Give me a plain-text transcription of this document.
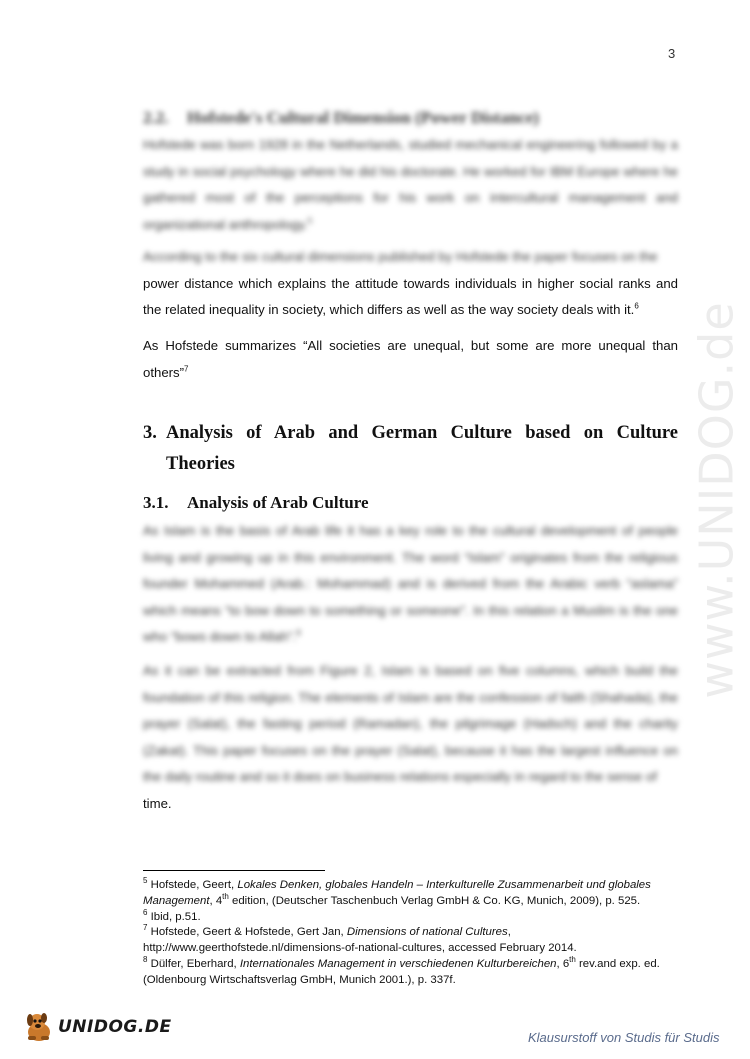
3
www.UNIDOG.de
2.2. Hofstede's Cultural Dimension (Power Distance)

Hofstede was born 1928 in the Netherlands, studied mechanical engineering followed by a study in social psychology where he did his doctorate. He worked for IBM Europe where he gathered most of the perceptions for his work on intercultural management and organizational anthropology.$^5$

According to the six cultural dimensions published by Hofstede the paper focuses on the
power distance which explains the attitude towards individuals in higher social ranks and the related inequality in society, which differs as well as the way society deals with it.$^6$

As Hofstede summarizes “All societies are unequal, but some are more unequal than others”$^7$

3. Analysis of Arab and German Culture based on Culture Theories
3.1. Analysis of Arab Culture

As Islam is the basis of Arab life it has a key role to the cultural development of people living and growing up in this environment. The word “Islam” originates from the religious founder Mohammed (Arab.: Mohammad) and is derived from the Arabic verb “aslama” which means “to bow down to something or someone”. In this relation a Muslim is the one who “bows down to Allah”.$^8$

As it can be extracted from Figure 2, Islam is based on five columns, which build the foundation of this religion. The elements of Islam are the confession of faith (Shahada), the prayer (Salat), the fasting period (Ramadan), the pilgrimage (Hadsch) and the charity (Zakat). This paper focuses on the prayer (Salat), because it has the largest influence on the daily routine and so it does on business relations especially in regard to the sense of
time.

$^5$ Hofstede, Geert, Lokales Denken, globales Handeln – Interkulturelle Zusammenarbeit und globales Management, 4th edition, (Deutscher Taschenbuch Verlag GmbH & Co. KG, Munich, 2009), p. 525.
$^6$ Ibid, p.51.
$^7$ Hofstede, Geert & Hofstede, Gert Jan, Dimensions of national Cultures,
http://www.geerthofstede.nl/dimensions-of-national-cultures, accessed February 2014.
$^8$ Dülfer, Eberhard, Internationales Management in verschiedenen Kulturbereichen, 6th rev.and exp. ed.
(Oldenbourg Wirtschaftsverlag GmbH, Munich 2001.), p. 337f.
UNIDOG.DE
Klausurstoff von Studis für Studis
